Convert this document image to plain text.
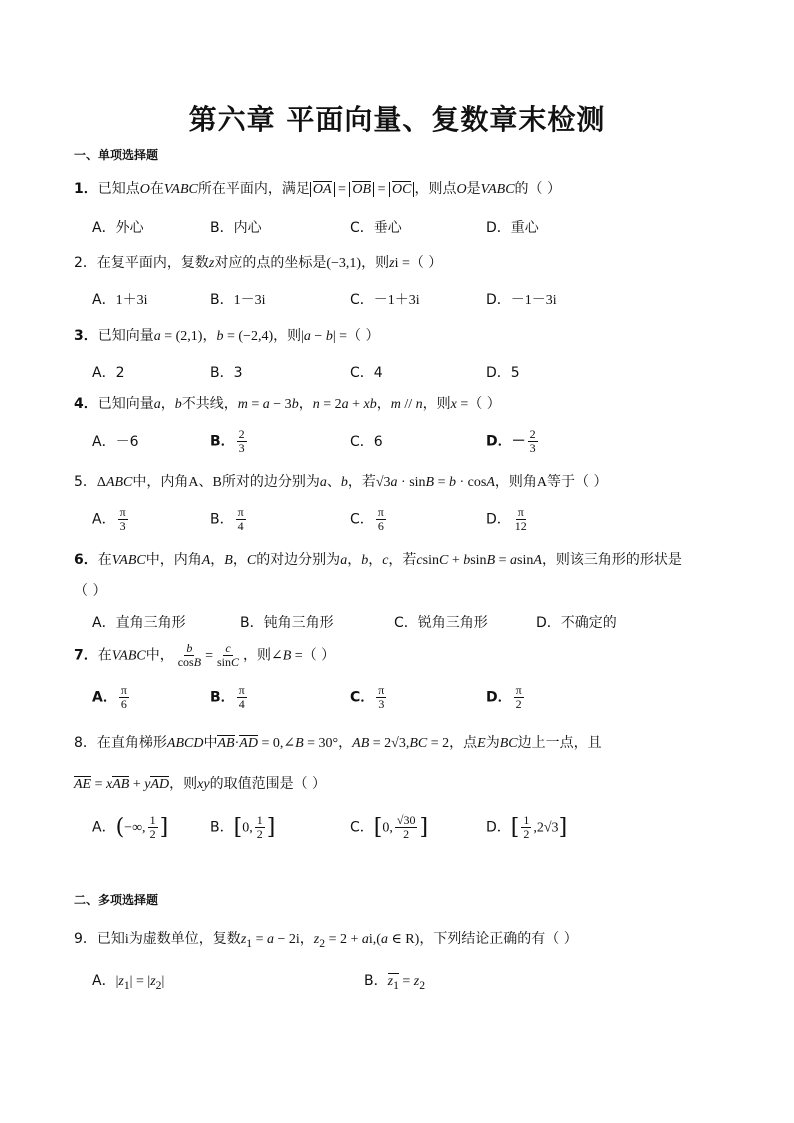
第六章 平面向量、复数章末检测
一、单项选择题
1．已知点O在VABC所在平面内，满足 OA = OB = OC ，则点O是VABC的（ ）
A．外心	B．内心	C．垂心	D．重心
2．在复平面内，复数z对应的点的坐标是(−3,1)，则zi =（ ）
A．1＋3i	B．1－3i	C．－1＋3i	D．－1－3i
3．已知向量a = (2,1)，b = (−2,4)，则|a − b| =（ ）
A．2	B．3	C．4	D．5
4．已知向量a，b不共线，m = a − 3b，n = 2a + xb，m // n，则x =（ ）
A．－6	B． $\frac{2}{3}$	C．6	D．－ $\frac{2}{3}$
5．ΔABC中，内角A、B所对的边分别为a、b，若√3a · sinB = b · cosA，则角A等于（ ）
A． $\frac{\pi}{3}$	B． $\frac{\pi}{4}$	C． $\frac{\pi}{6}$	D． $\frac{\pi}{12}$
6．在VABC中，内角A，B，C的对边分别为a，b，c，若csinC + bsinB = asinA，则该三角形的形状是
（ ）
A．直角三角形	B．钝角三角形	C．锐角三角形	D．不确定的
7．在VABC中， $\frac{b}{\cos B} = \frac{c}{\sin C}$ ，则∠B =（ ）
A． $\frac{\pi}{6}$	B． $\frac{\pi}{4}$	C． $\frac{\pi}{3}$	D． $\frac{\pi}{2}$
8．在直角梯形ABCD中AB·AD = 0,∠B = 30°，AB = 2√3,BC = 2，点E为BC边上一点，且
AE = xAB + yAD，则xy的取值范围是（ ）
A．(−∞, $\frac{1}{2}$ ]	B．[0, $\frac{1}{2}$ ]	C．[0, $\frac{√30}{2}$ ]	D．[ $\frac{1}{2} ,2√3$]
二、多项选择题
9．已知i为虚数单位，复数$z_1 = a - 2i$，$z_2 = 2 + ai,(a$ ∈ R)，下列结论正确的有（ ）
A．$|z_1| = |z_2|$	B．$z_1 = z_2$
